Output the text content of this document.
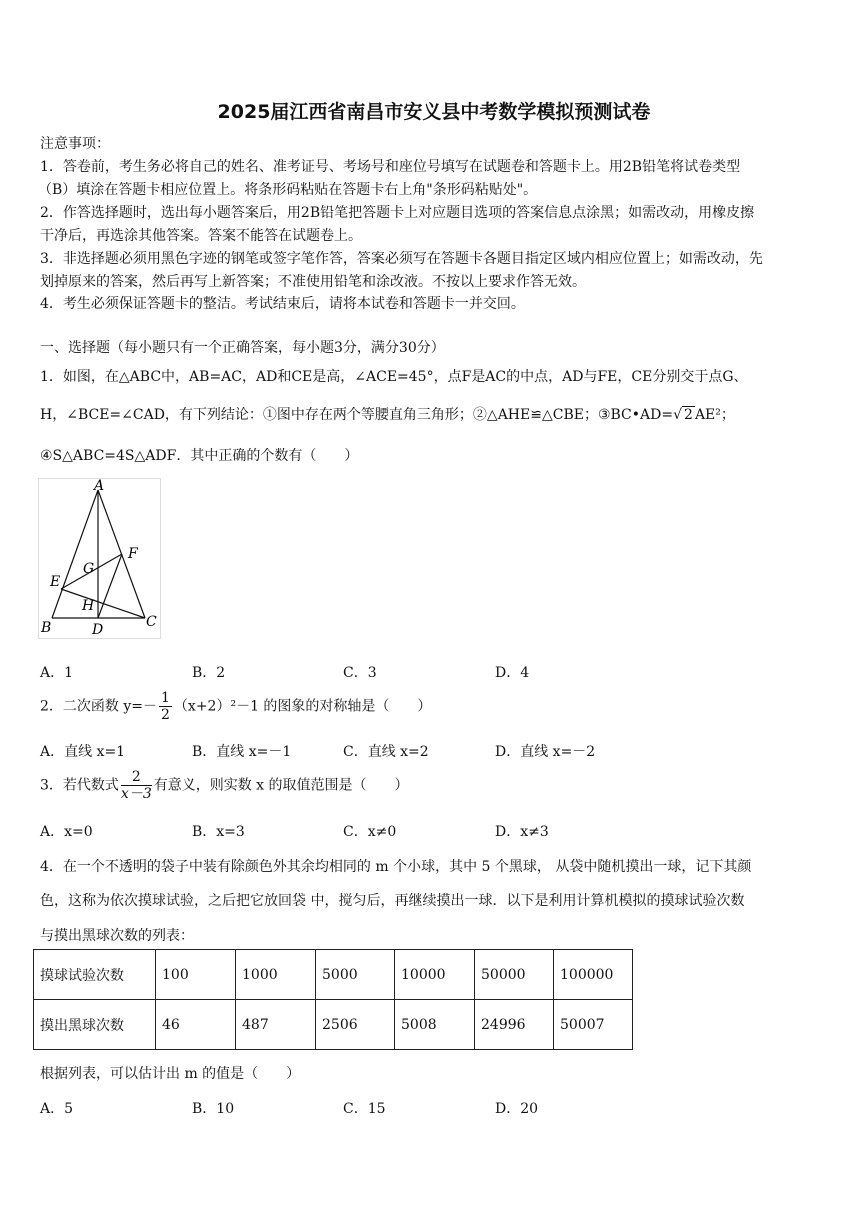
2025届江西省南昌市安义县中考数学模拟预测试卷
注意事项：
1．答卷前，考生务必将自己的姓名、准考证号、考场号和座位号填写在试题卷和答题卡上。用2B铅笔将试卷类型
（B）填涂在答题卡相应位置上。将条形码粘贴在答题卡右上角"条形码粘贴处"。
2．作答选择题时，选出每小题答案后，用2B铅笔把答题卡上对应题目选项的答案信息点涂黑；如需改动，用橡皮擦
干净后，再选涂其他答案。答案不能答在试题卷上。
3．非选择题必须用黑色字迹的钢笔或签字笔作答，答案必须写在答题卡各题目指定区域内相应位置上；如需改动，先
划掉原来的答案，然后再写上新答案；不准使用铅笔和涂改液。不按以上要求作答无效。
4．考生必须保证答题卡的整洁。考试结束后，请将本试卷和答题卡一并交回。
一、选择题（每小题只有一个正确答案，每小题3分，满分30分）
1．如图，在△ABC中，AB=AC，AD和CE是高，∠ACE=45°，点F是AC的中点，AD与FE，CE分别交于点G、
H，∠BCE=∠CAD，有下列结论：①图中存在两个等腰直角三角形；②△AHE≌△CBE；③BC•AD=√ 2 AE²；
④S△ABC=4S△ADF．其中正确的个数有（　　）
A
F
G
E
H
B	D	C
A．1	B．2	C．3	D．4
2．二次函数 $y=- \frac{1}{2} (x+2)^2-1$ 的图象的对称轴是（　　）
A．直线 x=1	B．直线 x=－1	C．直线 x=2	D．直线 x=－2
3．若代数式 $\frac{2}{x-3}$ 有意义，则实数 x 的取值范围是（　　）
A．x=0	B．x=3	C．x≠0	D．x≠3
4．在一个不透明的袋子中装有除颜色外其余均相同的 m 个小球，其中 5 个黑球， 从袋中随机摸出一球，记下其颜
色，这称为依次摸球试验，之后把它放回袋 中，搅匀后，再继续摸出一球．以下是利用计算机模拟的摸球试验次数
与摸出黑球次数的列表：
摸球试验次数	100	1000	5000	10000	50000	100000
摸出黑球次数	46	487	2506	5008	24996	50007
根据列表，可以估计出 m 的值是（　　）
A．5	B．10	C．15	D．20
